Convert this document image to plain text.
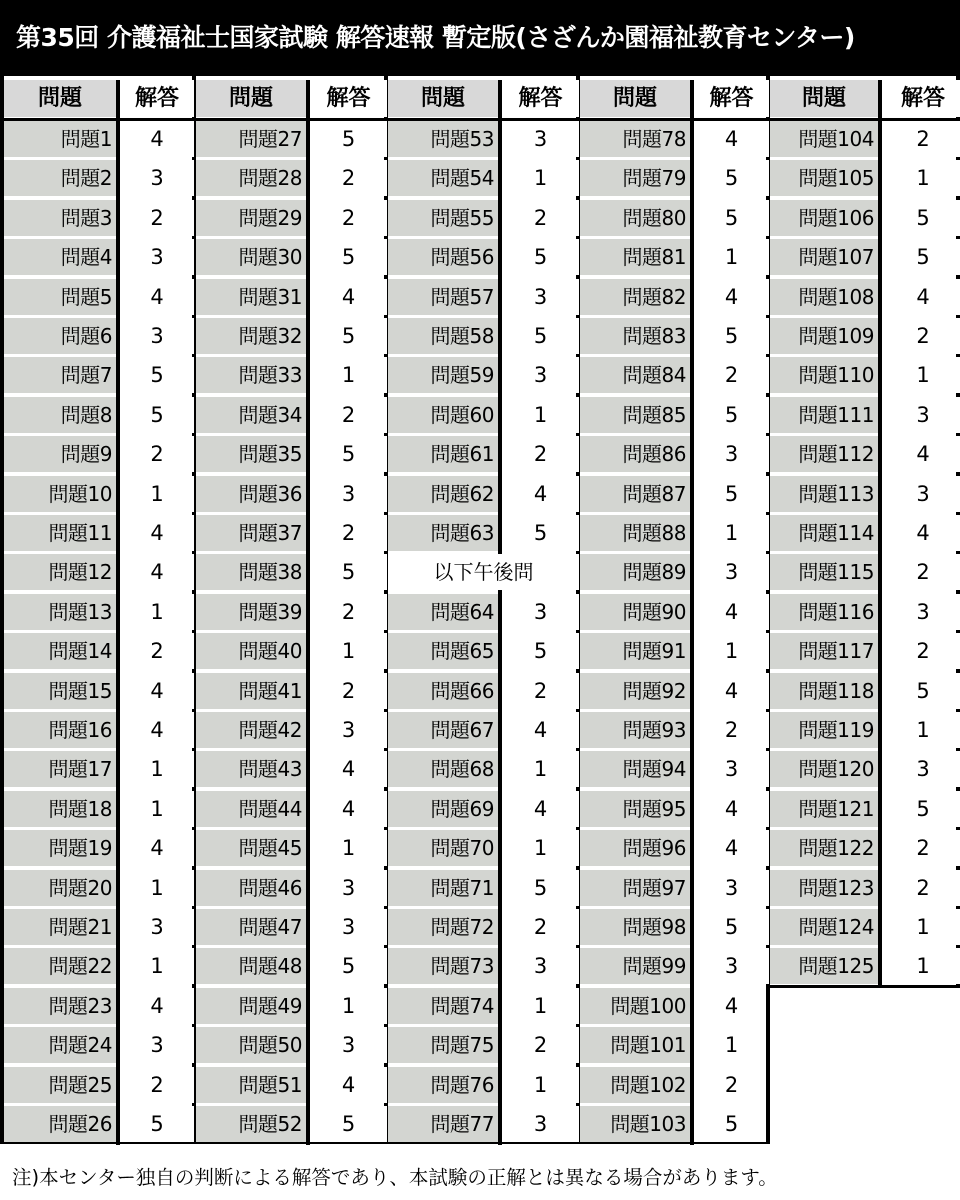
第35回 介護福祉士国家試験 解答速報 暫定版(さざんか園福祉教育センター)
問題	解答
問題1	4
問題2	3
問題3	2
問題4	3
問題5	4
問題6	3
問題7	5
問題8	5
問題9	2
問題10	1
問題11	4
問題12	4
問題13	1
問題14	2
問題15	4
問題16	4
問題17	1
問題18	1
問題19	4
問題20	1
問題21	3
問題22	1
問題23	4
問題24	3
問題25	2
問題26	5
問題	解答
問題27	5
問題28	2
問題29	2
問題30	5
問題31	4
問題32	5
問題33	1
問題34	2
問題35	5
問題36	3
問題37	2
問題38	5
問題39	2
問題40	1
問題41	2
問題42	3
問題43	4
問題44	4
問題45	1
問題46	3
問題47	3
問題48	5
問題49	1
問題50	3
問題51	4
問題52	5
問題	解答
問題53	3
問題54	1
問題55	2
問題56	5
問題57	3
問題58	5
問題59	3
問題60	1
問題61	2
問題62	4
問題63	5
以下午後問
問題64	3
問題65	5
問題66	2
問題67	4
問題68	1
問題69	4
問題70	1
問題71	5
問題72	2
問題73	3
問題74	1
問題75	2
問題76	1
問題77	3
問題	解答
問題78	4
問題79	5
問題80	5
問題81	1
問題82	4
問題83	5
問題84	2
問題85	5
問題86	3
問題87	5
問題88	1
問題89	3
問題90	4
問題91	1
問題92	4
問題93	2
問題94	3
問題95	4
問題96	4
問題97	3
問題98	5
問題99	3
問題100	4
問題101	1
問題102	2
問題103	5
問題	解答
問題104	2
問題105	1
問題106	5
問題107	5
問題108	4
問題109	2
問題110	1
問題111	3
問題112	4
問題113	3
問題114	4
問題115	2
問題116	3
問題117	2
問題118	5
問題119	1
問題120	3
問題121	5
問題122	2
問題123	2
問題124	1
問題125	1
注)本センター独自の判断による解答であり、本試験の正解とは異なる場合があります。
